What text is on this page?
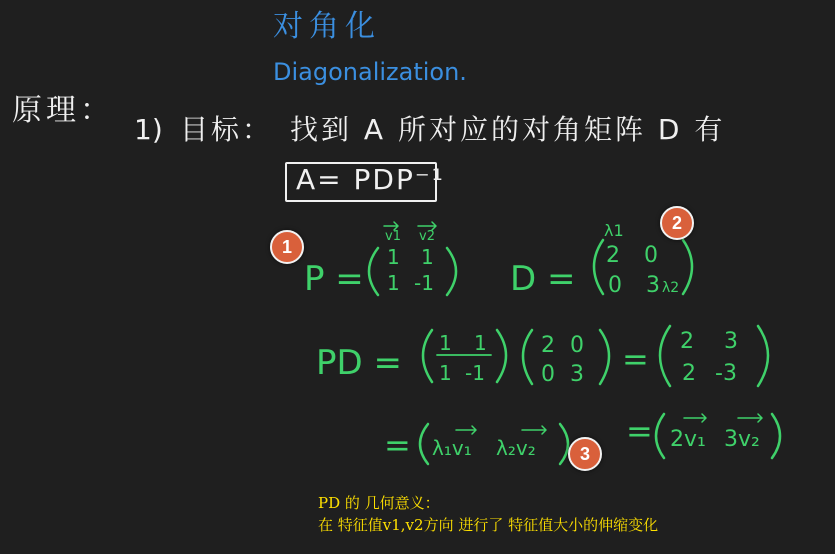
对角化
Diagonalization.
原理：
1) 目标： 找到 A 所对应的对角矩阵 D 有
A= PDP⁻¹
P =
v1 v2
1 1
1 -1 D =
λ1
2 0
0 3 λ2
PD = 1 1
1 -1
2 0
0 3 = 2 3
2 -3
= λ₁v₁ λ₂v₂	= 2v₁ 3v₂
1
2
3
PD 的 几何意义：
在 特征值v1,v2方向 进行了 特征值大小的伸缩变化
